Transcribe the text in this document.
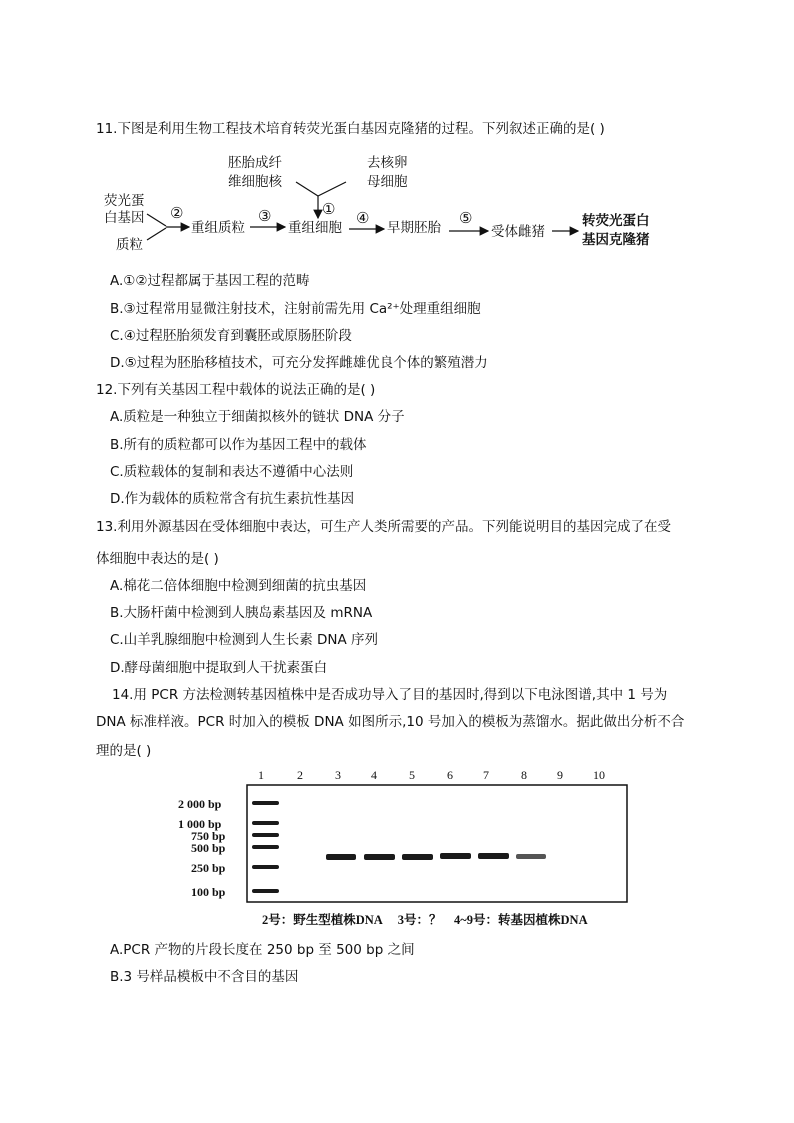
11.下图是利用生物工程技术培育转荧光蛋白基因克隆猪的过程。下列叙述正确的是( )
胚胎成纤
维细胞核
去核卵
母细胞
荧光蛋
白基因
质粒
②
重组质粒
③
重组细胞
① ④
早期胚胎
⑤
受体雌猪
转荧光蛋白
基因克隆猪
A.①②过程都属于基因工程的范畴
B.③过程常用显微注射技术，注射前需先用 Ca²⁺处理重组细胞
C.④过程胚胎须发育到囊胚或原肠胚阶段
D.⑤过程为胚胎移植技术，可充分发挥雌雄优良个体的繁殖潜力
12.下列有关基因工程中载体的说法正确的是( )
A.质粒是一种独立于细菌拟核外的链状 DNA 分子
B.所有的质粒都可以作为基因工程中的载体
C.质粒载体的复制和表达不遵循中心法则
D.作为载体的质粒常含有抗生素抗性基因
13.利用外源基因在受体细胞中表达，可生产人类所需要的产品。下列能说明目的基因完成了在受
体细胞中表达的是( )
A.棉花二倍体细胞中检测到细菌的抗虫基因
B.大肠杆菌中检测到人胰岛素基因及 mRNA
C.山羊乳腺细胞中检测到人生长素 DNA 序列
D.酵母菌细胞中提取到人干扰素蛋白
14.用 PCR 方法检测转基因植株中是否成功导入了目的基因时,得到以下电泳图谱,其中 1 号为
DNA 标准样液。PCR 时加入的模板 DNA 如图所示,10 号加入的模板为蒸馏水。据此做出分析不合
理的是( )
1	2	3	4	5	6	7	8	9	10
2 000 bp
1 000 bp
750 bp
500 bp
250 bp
100 bp
2号：野生型植株DNA     3号：？    4~9号：转基因植株DNA
A.PCR 产物的片段长度在 250 bp 至 500 bp 之间
B.3 号样品模板中不含目的基因
